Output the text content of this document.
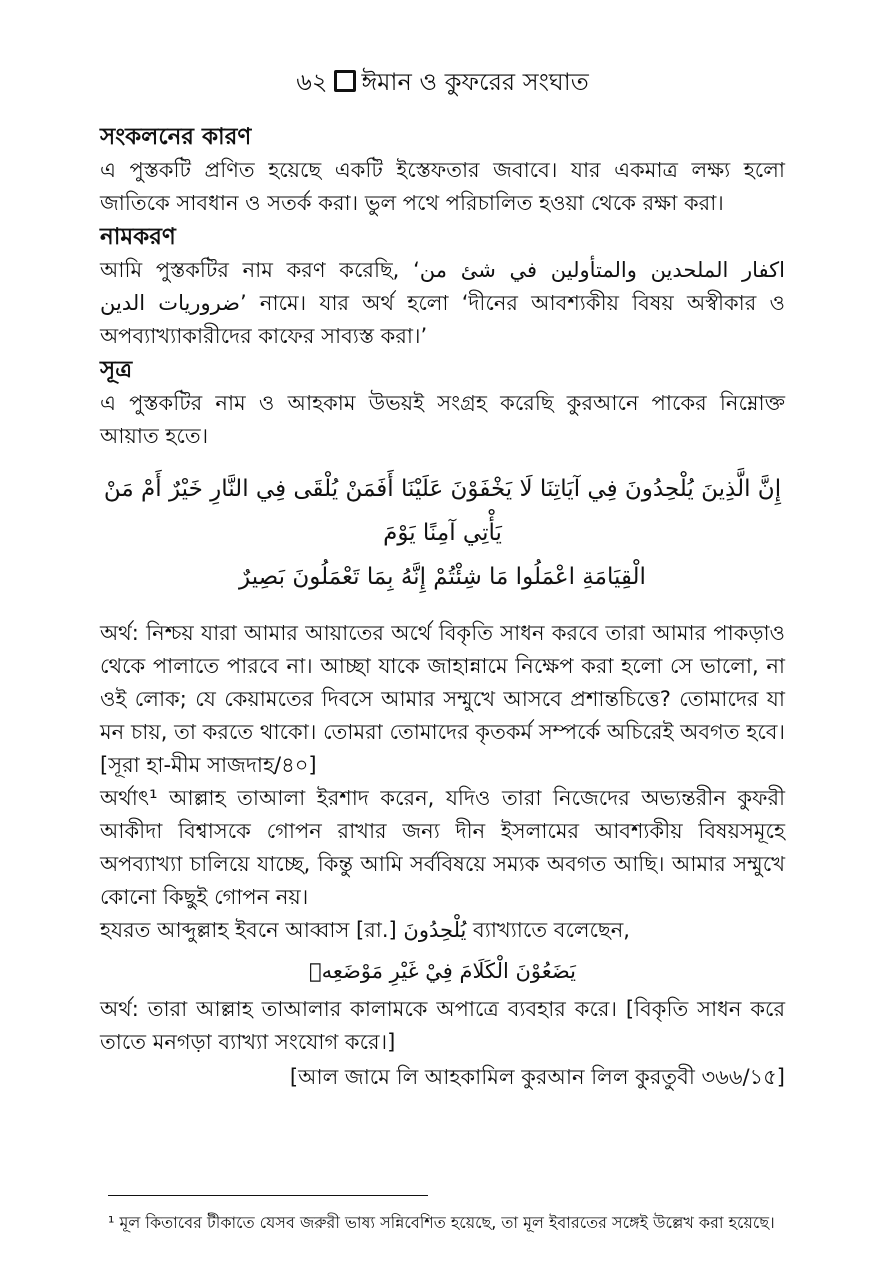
৬২ ঈমান ও কুফরের সংঘাত

সংকলনের কারণ

এ পুস্তকটি প্রণিত হয়েছে একটি ইস্তেফতার জবাবে। যার একমাত্র লক্ষ্য হলো জাতিকে সাবধান ও সতর্ক করা। ভুল পথে পরিচালিত হওয়া থেকে রক্ষা করা।

নামকরণ

আমি পুস্তকটির নাম করণ করেছি, ‘اكفار الملحدين والمتأولين في شئ من ضروريات الدين’ নামে। যার অর্থ হলো ‘দীনের আবশ্যকীয় বিষয় অস্বীকার ও অপব্যাখ্যাকারীদের কাফের সাব্যস্ত করা।’

সূত্র

এ পুস্তকটির নাম ও আহকাম উভয়ই সংগ্রহ করেছি কুরআনে পাকের নিম্নোক্ত আয়াত হতে।

إِنَّ الَّذِينَ يُلْحِدُونَ فِي آيَاتِنَا لَا يَخْفَوْنَ عَلَيْنَا أَفَمَنْ يُلْقَى فِي النَّارِ خَيْرٌ أَمْ مَنْ يَأْتِي آمِنًا يَوْمَ
الْقِيَامَةِ اعْمَلُوا مَا شِئْتُمْ إِنَّهُ بِمَا تَعْمَلُونَ بَصِيرٌ

অর্থ: নিশ্চয় যারা আমার আয়াতের অর্থে বিকৃতি সাধন করবে তারা আমার পাকড়াও থেকে পালাতে পারবে না। আচ্ছা যাকে জাহান্নামে নিক্ষেপ করা হলো সে ভালো, না ওই লোক; যে কেয়ামতের দিবসে আমার সম্মুখে আসবে প্রশান্তচিত্তে? তোমাদের যা মন চায়, তা করতে থাকো। তোমরা তোমাদের কৃতকর্ম সম্পর্কে অচিরেই অবগত হবে। [সূরা হা-মীম সাজদাহ/৪০]

অর্থাৎ¹ আল্লাহ তাআলা ইরশাদ করেন, যদিও তারা নিজেদের অভ্যন্তরীন কুফরী আকীদা বিশ্বাসকে গোপন রাখার জন্য দীন ইসলামের আবশ্যকীয় বিষয়সমূহে অপব্যাখ্যা চালিয়ে যাচ্ছে, কিন্তু আমি সর্ববিষয়ে সম্যক অবগত আছি। আমার সম্মুখে কোনো কিছুই গোপন নয়।

হযরত আব্দুল্লাহ ইবনে আব্বাস [রা.] يُلْحِدُونَ ব্যাখ্যাতে বলেছেন,

يَضَعُوْنَ الْكَلَامَ فِيْ غَيْرِ مَوْضَعِهٖ

অর্থ: তারা আল্লাহ তাআলার কালামকে অপাত্রে ব্যবহার করে। [বিকৃতি সাধন করে তাতে মনগড়া ব্যাখ্যা সংযোগ করে।]

[আল জামে লি আহকামিল কুরআন লিল কুরতুবী ৩৬৬/১৫]

¹ মূল কিতাবের টীকাতে যেসব জরুরী ভাষ্য সন্নিবেশিত হয়েছে, তা মূল ইবারতের সঙ্গেই উল্লেখ করা হয়েছে।
